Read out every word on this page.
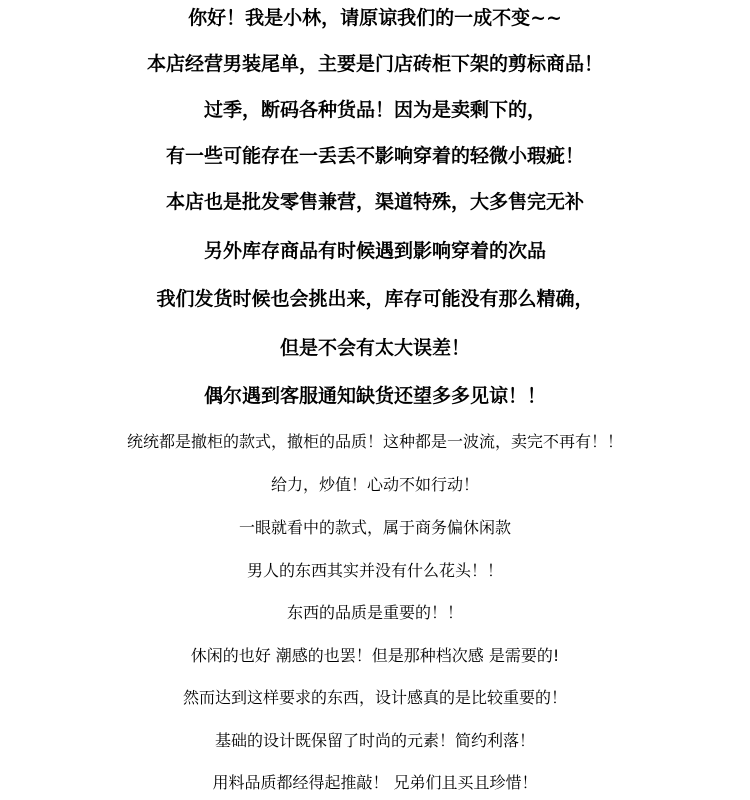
你好！我是小林，请原谅我们的一成不变~~
本店经营男装尾单，主要是门店砖柜下架的剪标商品！
过季，断码各种货品！因为是卖剩下的，
有一些可能存在一丢丢不影响穿着的轻微小瑕疵！
本店也是批发零售兼营，渠道特殊，大多售完无补
另外库存商品有时候遇到影响穿着的次品
我们发货时候也会挑出来，库存可能没有那么精确，
但是不会有太大误差！
偶尔遇到客服通知缺货还望多多见谅！！
统统都是撤柜的款式，撤柜的品质！这种都是一波流，卖完不再有！！
给力，炒值！心动不如行动！
一眼就看中的款式，属于商务偏休闲款
男人的东西其实并没有什么花头！！
东西的品质是重要的！！
休闲的也好 潮感的也罢！但是那种档次感 是需要的!
然而达到这样要求的东西，设计感真的是比较重要的！
基础的设计既保留了时尚的元素！简约利落！
用料品质都经得起推敲！ 兄弟们且买且珍惜！
